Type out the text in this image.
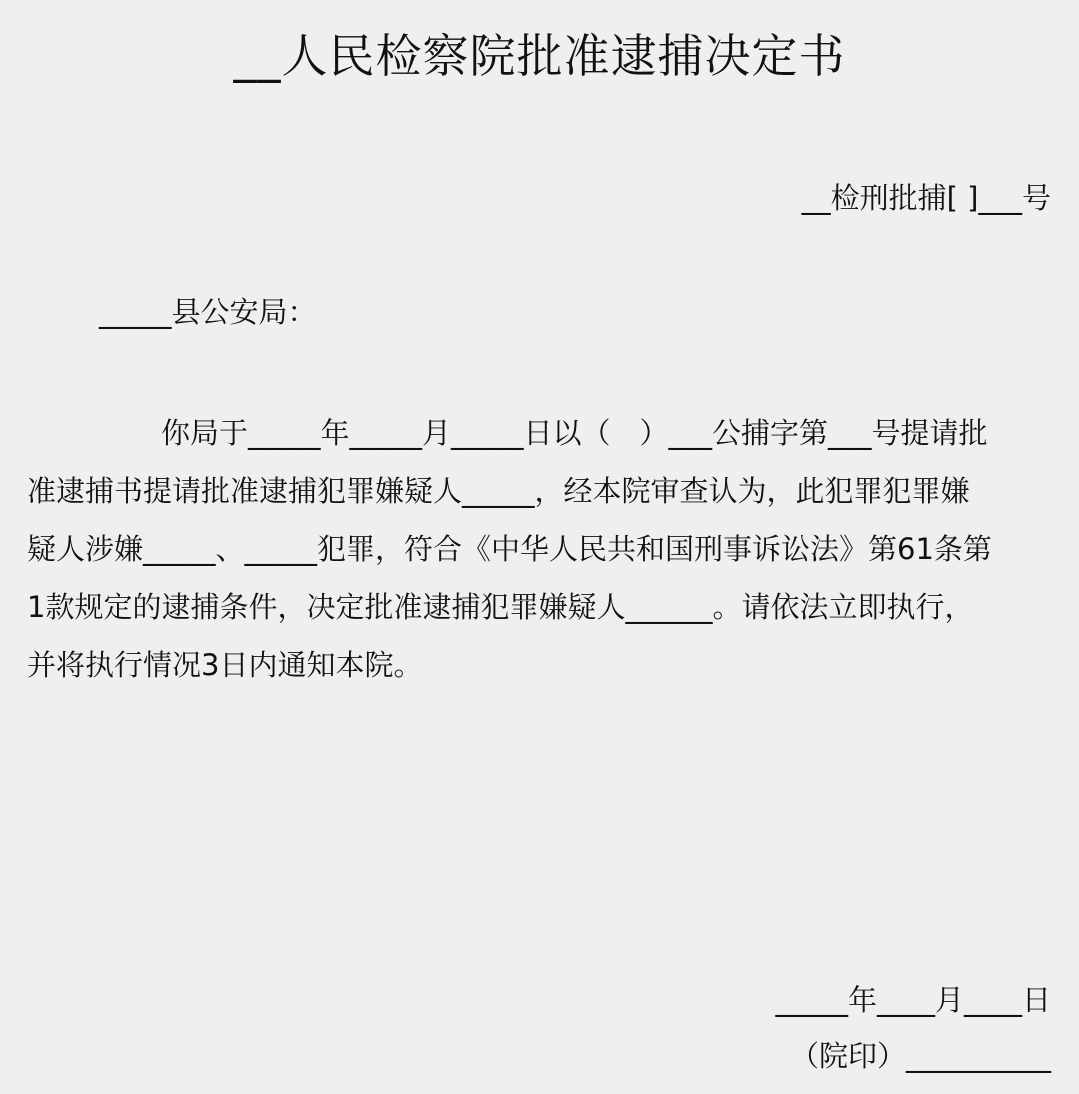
__人民检察院批准逮捕决定书
__检刑批捕[ ]___号
_____县公安局：
你局于_____年_____月_____日以（　）___公捕字第___号提请批
准逮捕书提请批准逮捕犯罪嫌疑人_____，经本院审查认为，此犯罪犯罪嫌
疑人涉嫌_____、_____犯罪，符合《中华人民共和国刑事诉讼法》第61条第
1款规定的逮捕条件，决定批准逮捕犯罪嫌疑人______。请依法立即执行，
并将执行情况3日内通知本院。
_____年____月____日
（院印）__________
